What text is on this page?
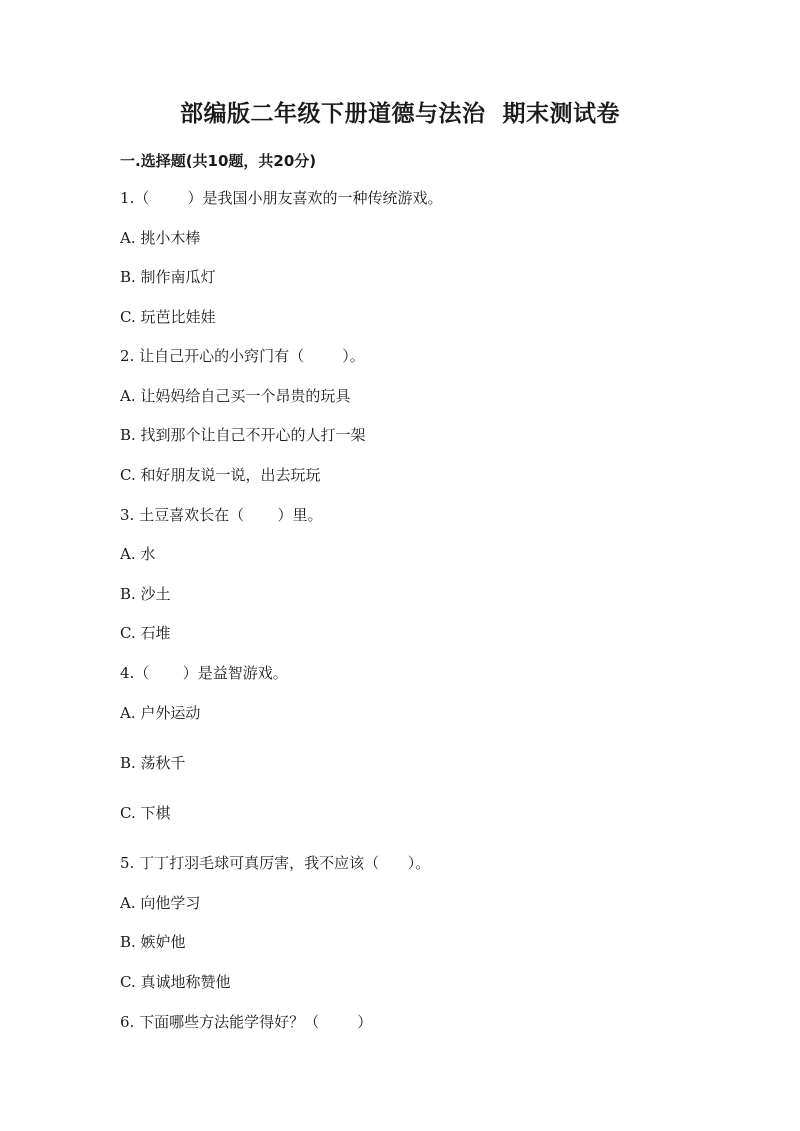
部编版二年级下册道德与法治  期末测试卷
一.选择题(共10题，共20分)
1.（        ）是我国小朋友喜欢的一种传统游戏。
A. 挑小木棒
B. 制作南瓜灯
C. 玩芭比娃娃
2. 让自己开心的小窍门有（        ）。
A. 让妈妈给自己买一个昂贵的玩具
B. 找到那个让自己不开心的人打一架
C. 和好朋友说一说，出去玩玩
3. 土豆喜欢长在（       ）里。
A. 水
B. 沙土
C. 石堆
4.（       ）是益智游戏。
A. 户外运动
B. 荡秋千
C. 下棋
5. 丁丁打羽毛球可真厉害，我不应该（      ）。
A. 向他学习
B. 嫉妒他
C. 真诚地称赞他
6. 下面哪些方法能学得好？（        ）
